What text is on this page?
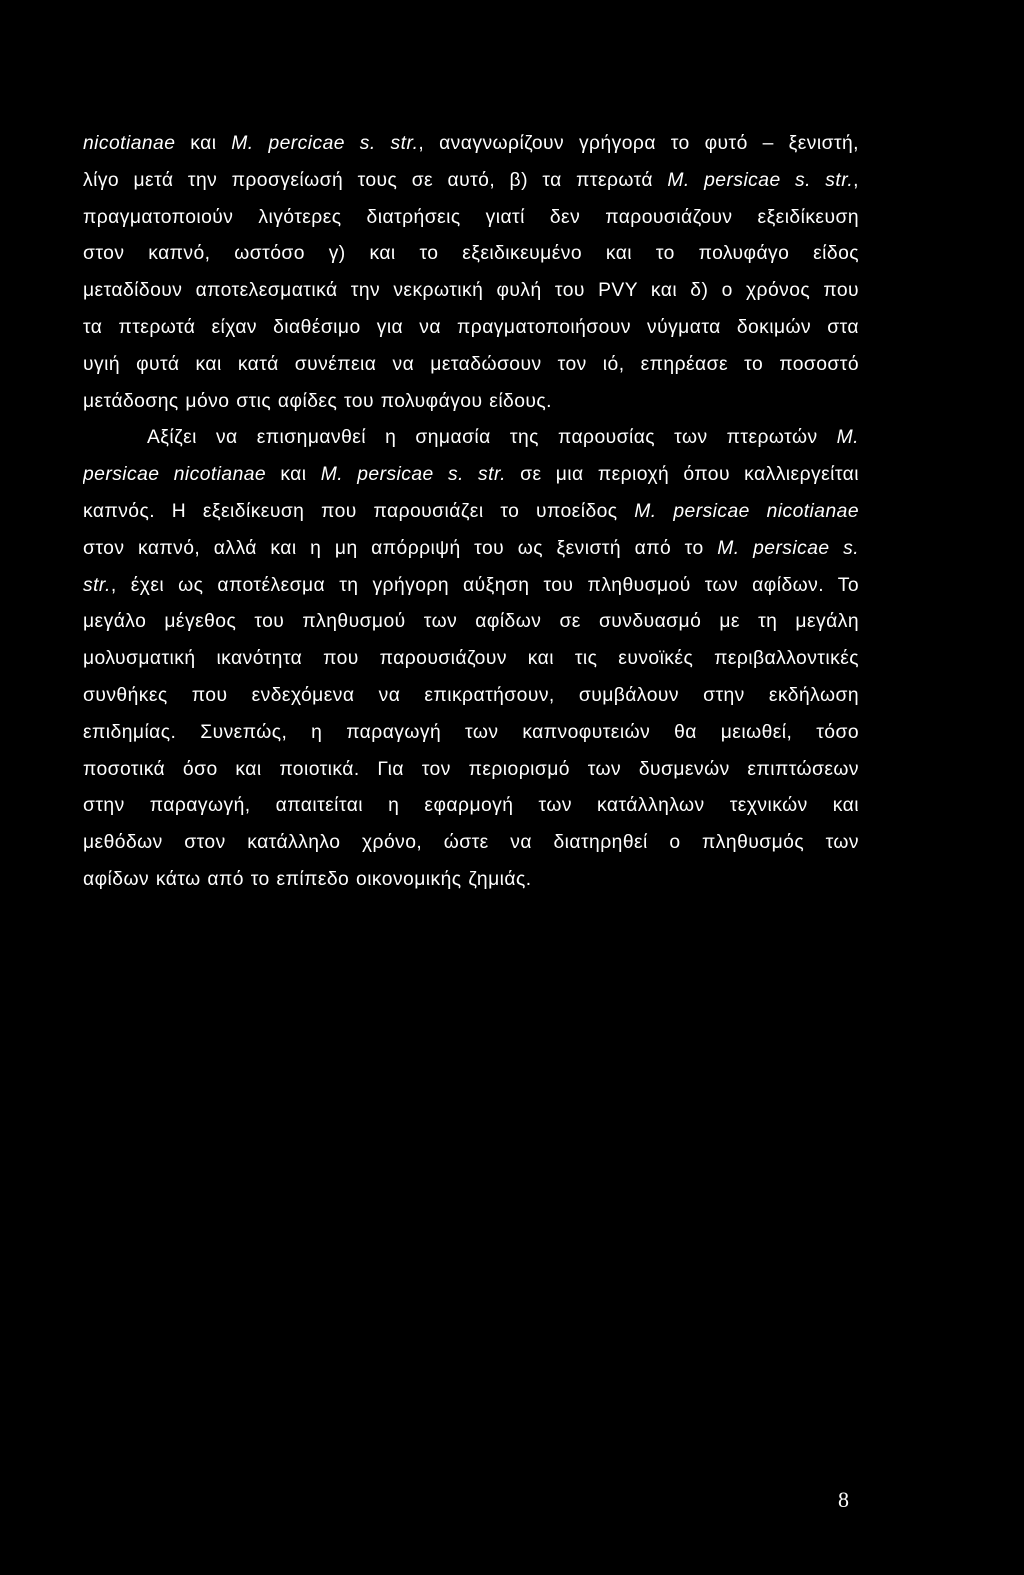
nicotianae και M. percicae s. str., αναγνωρίζουν γρήγορα το φυτό – ξενιστή,
λίγο μετά την προσγείωσή τους σε αυτό, β) τα πτερωτά M. persicae s. str.,
πραγματοποιούν λιγότερες διατρήσεις γιατί δεν παρουσιάζουν εξειδίκευση
στον καπνό, ωστόσο γ) και το εξειδικευμένο και το πολυφάγο είδος
μεταδίδουν αποτελεσματικά την νεκρωτική φυλή του PVY και δ) ο χρόνος που
τα πτερωτά είχαν διαθέσιμο για να πραγματοποιήσουν νύγματα δοκιμών στα
υγιή φυτά και κατά συνέπεια να μεταδώσουν τον ιό, επηρέασε το ποσοστό
μετάδοσης μόνο στις αφίδες του πολυφάγου είδους.
Αξίζει να επισημανθεί η σημασία της παρουσίας των πτερωτών M.
persicae nicotianae και M. persicae s. str. σε μια περιοχή όπου καλλιεργείται
καπνός. Η εξειδίκευση που παρουσιάζει το υποείδος M. persicae nicotianae
στον καπνό, αλλά και η μη απόρριψή του ως ξενιστή από το M. persicae s.
str., έχει ως αποτέλεσμα τη γρήγορη αύξηση του πληθυσμού των αφίδων. Το
μεγάλο μέγεθος του πληθυσμού των αφίδων σε συνδυασμό με τη μεγάλη
μολυσματική ικανότητα που παρουσιάζουν και τις ευνοϊκές περιβαλλοντικές
συνθήκες που ενδεχόμενα να επικρατήσουν, συμβάλουν στην εκδήλωση
επιδημίας. Συνεπώς, η παραγωγή των καπνοφυτειών θα μειωθεί, τόσο
ποσοτικά όσο και ποιοτικά. Για τον περιορισμό των δυσμενών επιπτώσεων
στην παραγωγή, απαιτείται η εφαρμογή των κατάλληλων τεχνικών και
μεθόδων στον κατάλληλο χρόνο, ώστε να διατηρηθεί ο πληθυσμός των
αφίδων κάτω από το επίπεδο οικονομικής ζημιάς.
8
